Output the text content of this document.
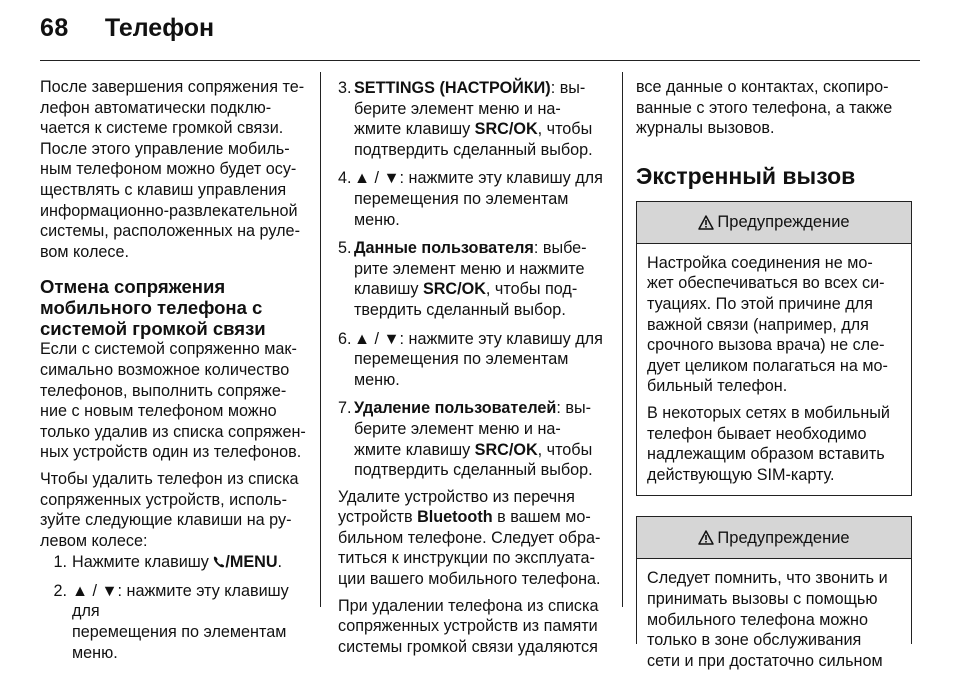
68 Телефон
После завершения сопряжения те-
лефон автоматически подклю-
чается к системе громкой связи.
После этого управление мобиль-
ным телефоном можно будет осу-
ществлять с клавиш управления
информационно-развлекательной
системы, расположенных на руле-
вом колесе.
Отмена сопряжения
мобильного телефона с
системой громкой связи
Если с системой сопряженно мак-
симально возможное количество
телефонов, выполнить сопряже-
ние с новым телефоном можно
только удалив из списка сопряжен-
ных устройств один из телефонов.
Чтобы удалить телефон из списка
сопряженных устройств, исполь-
зуйте следующие клавиши на ру-
левом колесе:
1. Нажмите клавишу /MENU.
2. ▲ / ▼: нажмите эту клавишу для
перемещения по элементам
меню.
3. SETTINGS (НАСТРОЙКИ): вы-
берите элемент меню и на-
жмите клавишу SRC/OK, чтобы
подтвердить сделанный выбор.
4. ▲ / ▼: нажмите эту клавишу для
перемещения по элементам
меню.
5. Данные пользователя: выбе-
рите элемент меню и нажмите
клавишу SRC/OK, чтобы под-
твердить сделанный выбор.
6. ▲ / ▼: нажмите эту клавишу для
перемещения по элементам
меню.
7. Удаление пользователей: вы-
берите элемент меню и на-
жмите клавишу SRC/OK, чтобы
подтвердить сделанный выбор.
Удалите устройство из перечня
устройств Bluetooth в вашем мо-
бильном телефоне. Следует обра-
титься к инструкции по эксплуата-
ции вашего мобильного телефона.
При удалении телефона из списка
сопряженных устройств из памяти
системы громкой связи удаляются
все данные о контактах, скопиро-
ванные с этого телефона, а также
журналы вызовов.
Экстренный вызов
Предупреждение
Настройка соединения не мо-
жет обеспечиваться во всех си-
туациях. По этой причине для
важной связи (например, для
срочного вызова врача) не сле-
дует целиком полагаться на мо-
бильный телефон.
В некоторых сетях в мобильный
телефон бывает необходимо
надлежащим образом вставить
действующую SIM-карту.
Предупреждение
Следует помнить, что звонить и
принимать вызовы с помощью
мобильного телефона можно
только в зоне обслуживания
сети и при достаточно сильном
